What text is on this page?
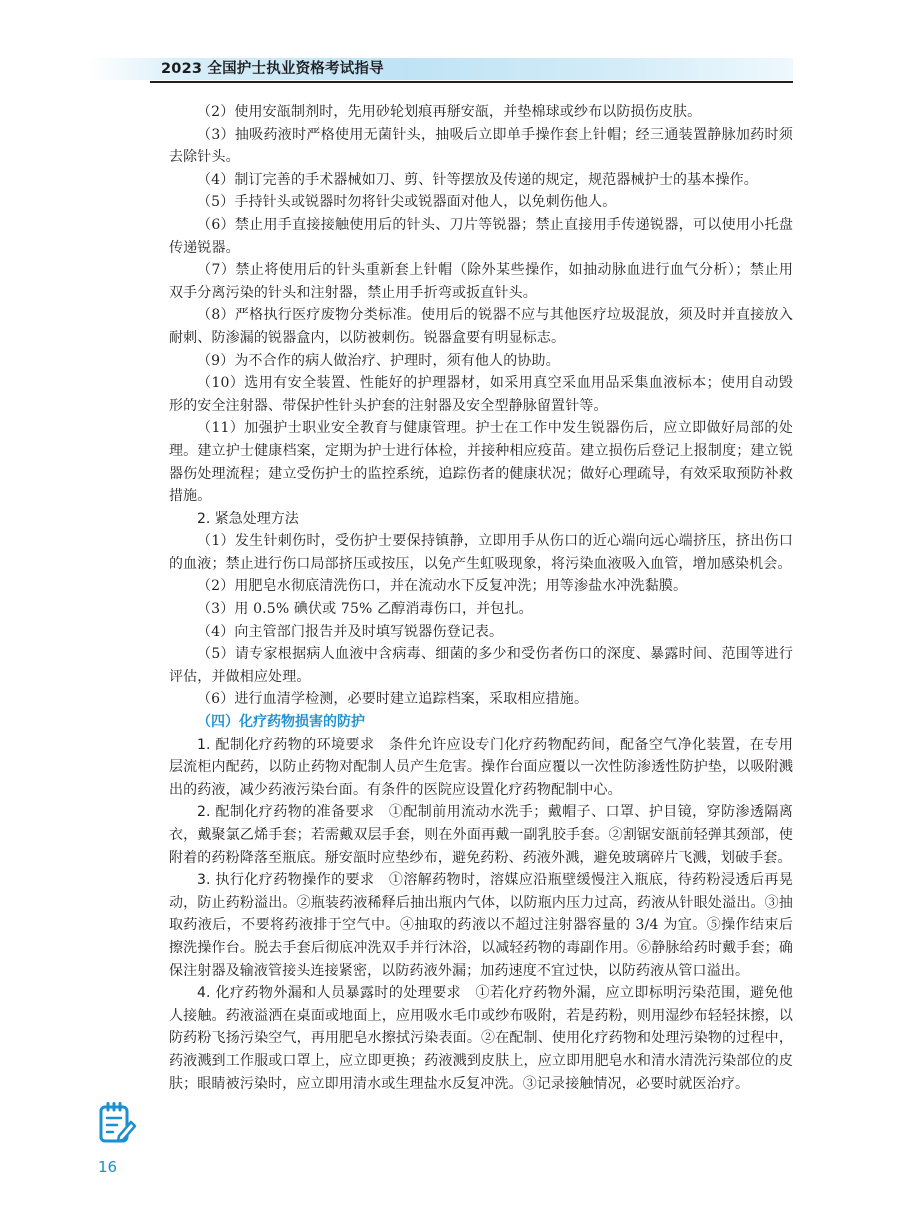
2023 全国护士执业资格考试指导

（2）使用安瓿制剂时，先用砂轮划痕再掰安瓿，并垫棉球或纱布以防损伤皮肤。

（3）抽吸药液时严格使用无菌针头，抽吸后立即单手操作套上针帽；经三通装置静脉加药时须去除针头。

（4）制订完善的手术器械如刀、剪、针等摆放及传递的规定，规范器械护士的基本操作。

（5）手持针头或锐器时勿将针尖或锐器面对他人，以免刺伤他人。

（6）禁止用手直接接触使用后的针头、刀片等锐器；禁止直接用手传递锐器，可以使用小托盘传递锐器。

（7）禁止将使用后的针头重新套上针帽（除外某些操作，如抽动脉血进行血气分析）；禁止用双手分离污染的针头和注射器，禁止用手折弯或扳直针头。

（8）严格执行医疗废物分类标准。使用后的锐器不应与其他医疗垃圾混放，须及时并直接放入耐刺、防渗漏的锐器盒内，以防被刺伤。锐器盒要有明显标志。

（9）为不合作的病人做治疗、护理时，须有他人的协助。

（10）选用有安全装置、性能好的护理器材，如采用真空采血用品采集血液标本；使用自动毁形的安全注射器、带保护性针头护套的注射器及安全型静脉留置针等。

（11）加强护士职业安全教育与健康管理。护士在工作中发生锐器伤后，应立即做好局部的处理。建立护士健康档案，定期为护士进行体检，并接种相应疫苗。建立损伤后登记上报制度；建立锐器伤处理流程；建立受伤护士的监控系统，追踪伤者的健康状况；做好心理疏导，有效采取预防补救措施。

2. 紧急处理方法

（1）发生针刺伤时，受伤护士要保持镇静，立即用手从伤口的近心端向远心端挤压，挤出伤口的血液；禁止进行伤口局部挤压或按压，以免产生虹吸现象，将污染血液吸入血管，增加感染机会。

（2）用肥皂水彻底清洗伤口，并在流动水下反复冲洗；用等渗盐水冲洗黏膜。

（3）用 0.5% 碘伏或 75% 乙醇消毒伤口，并包扎。

（4）向主管部门报告并及时填写锐器伤登记表。

（5）请专家根据病人血液中含病毒、细菌的多少和受伤者伤口的深度、暴露时间、范围等进行评估，并做相应处理。

（6）进行血清学检测，必要时建立追踪档案，采取相应措施。

（四）化疗药物损害的防护

1. 配制化疗药物的环境要求　条件允许应设专门化疗药物配药间，配备空气净化装置，在专用层流柜内配药，以防止药物对配制人员产生危害。操作台面应覆以一次性防渗透性防护垫，以吸附溅出的药液，减少药液污染台面。有条件的医院应设置化疗药物配制中心。

2. 配制化疗药物的准备要求　①配制前用流动水洗手；戴帽子、口罩、护目镜，穿防渗透隔离衣，戴聚氯乙烯手套；若需戴双层手套，则在外面再戴一副乳胶手套。②割锯安瓿前轻弹其颈部，使附着的药粉降落至瓶底。掰安瓿时应垫纱布，避免药粉、药液外溅，避免玻璃碎片飞溅，划破手套。

3. 执行化疗药物操作的要求　①溶解药物时，溶媒应沿瓶壁缓慢注入瓶底，待药粉浸透后再晃动，防止药粉溢出。②瓶装药液稀释后抽出瓶内气体，以防瓶内压力过高，药液从针眼处溢出。③抽取药液后，不要将药液排于空气中。④抽取的药液以不超过注射器容量的 3/4 为宜。⑤操作结束后擦洗操作台。脱去手套后彻底冲洗双手并行沐浴，以减轻药物的毒副作用。⑥静脉给药时戴手套；确保注射器及输液管接头连接紧密，以防药液外漏；加药速度不宜过快，以防药液从管口溢出。

4. 化疗药物外漏和人员暴露时的处理要求　①若化疗药物外漏，应立即标明污染范围，避免他人接触。药液溢洒在桌面或地面上，应用吸水毛巾或纱布吸附，若是药粉，则用湿纱布轻轻抹擦，以防药粉飞扬污染空气，再用肥皂水擦拭污染表面。②在配制、使用化疗药物和处理污染物的过程中，药液溅到工作服或口罩上，应立即更换；药液溅到皮肤上，应立即用肥皂水和清水清洗污染部位的皮肤；眼睛被污染时，应立即用清水或生理盐水反复冲洗。③记录接触情况，必要时就医治疗。

16
